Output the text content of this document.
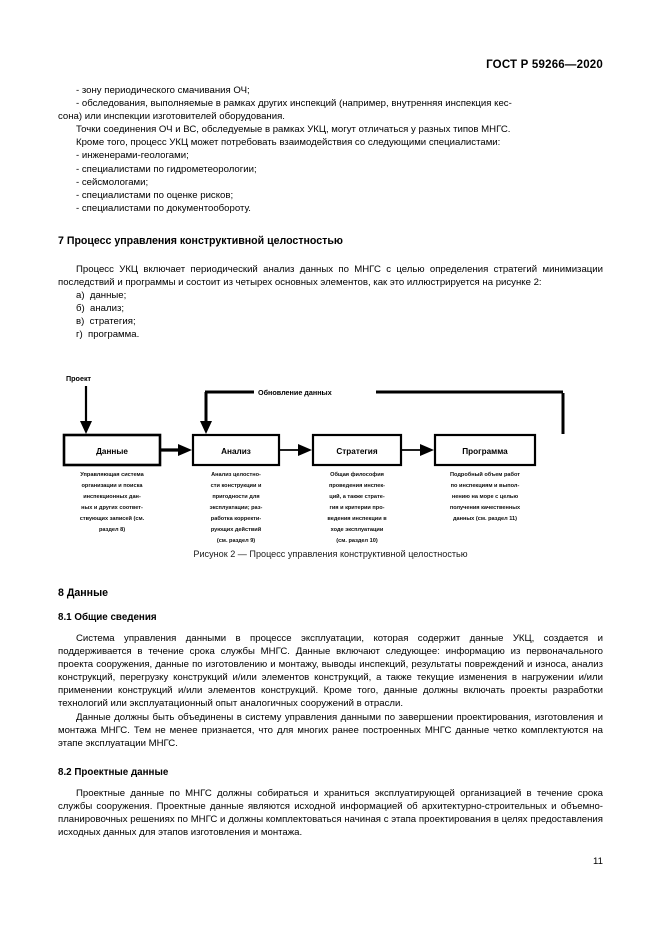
ГОСТ Р 59266—2020

- зону периодического смачивания ОЧ;

- обследования, выполняемые в рамках других инспекций (например, внутренняя инспекция кес-

сона) или инспекции изготовителей оборудования.

Точки соединения ОЧ и ВС, обследуемые в рамках УКЦ, могут отличаться у разных типов МНГС.

Кроме того, процесс УКЦ может потребовать взаимодействия со следующими специалистами:

- инженерами-геологами;

- специалистами по гидрометеорологии;

- сейсмологами;

- специалистами по оценке рисков;

- специалистами по документообороту.

7 Процесс управления конструктивной целостностью

Процесс УКЦ включает периодический анализ данных по МНГС с целью определения стратегий минимизации последствий и программы и состоит из четырех основных элементов, как это иллюстрируется на рисунке 2:

а)  данные;

б)  анализ;

в)  стратегия;

г)  программа.

Обновление данных
Проект
Данные
Управляющая система
организации и поиска
инспекционных дан-
ных и других соответ-
ствующих записей (см.
раздел 8)
Анализ
Анализ целостно-
сти конструкции и
пригодности для
эксплуатации; раз-
работка корректи-
рующих действий
(см. раздел 9)
Стратегия
Общая философия
проведения инспек-
ций, а также страте-
гия и критерии про-
ведения инспекции в
ходе эксплуатации
(см. раздел 10)
Программа
Подробный объем работ
по инспекциям и выпол-
нению на море с целью
получения качественных
данных (см. раздел 11)
Рисунок 2 — Процесс управления конструктивной целостностью
8 Данные
8.1 Общие сведения

Система управления данными в процессе эксплуатации, которая содержит данные УКЦ, создается и поддерживается в течение срока службы МНГС. Данные включают следующее: информацию из первоначального проекта сооружения, данные по изготовлению и монтажу, выводы инспекций, результаты повреждений и износа, анализ конструкций, перегрузку конструкций и/или элементов конструкций, а также текущие изменения в нагружении и/или применении конструкций и/или элементов конструкций. Кроме того, данные должны включать проекты разработки технологий или эксплуатационный опыт аналогичных сооружений в отрасли.

Данные должны быть объединены в систему управления данными по завершении проектирования, изготовления и монтажа МНГС. Тем не менее признается, что для многих ранее построенных МНГС данные четко комплектуются на этапе эксплуатации МНГС.

8.2 Проектные данные

Проектные данные по МНГС должны собираться и храниться эксплуатирующей организацией в течение срока службы сооружения. Проектные данные являются исходной информацией об архитектурно-строительных и объемно-планировочных решениях по МНГС и должны комплектоваться начиная с этапа проектирования в целях предоставления исходных данных для этапов изготовления и монтажа.

11
